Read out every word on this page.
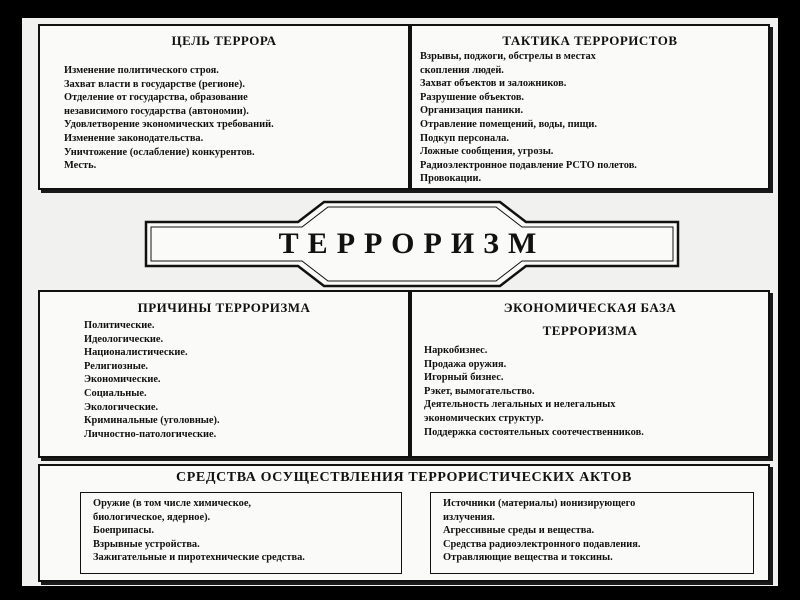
ЦЕЛЬ ТЕРРОРА
Изменение политического строя.
Захват власти в государстве (регионе).
Отделение от государства, образование
независимого государства (автономии).
Удовлетворение экономических требований.
Изменение законодательства.
Уничтожение (ослабление) конкурентов.
Месть.
ТАКТИКА ТЕРРОРИСТОВ
Взрывы, поджоги, обстрелы в местах
скопления людей.
Захват объектов и заложников.
Разрушение объектов.
Организация паники.
Отравление помещений, воды, пищи.
Подкуп персонала.
Ложные сообщения, угрозы.
Радиоэлектронное подавление РСТО полетов.
Провокации.
ТЕРРОРИЗМ
ПРИЧИНЫ ТЕРРОРИЗМА
Политические.
Идеологические.
Националистические.
Религиозные.
Экономические.
Социальные.
Экологические.
Криминальные (уголовные).
Личностно-патологические.
ЭКОНОМИЧЕСКАЯ БАЗА
ТЕРРОРИЗМА
Наркобизнес.
Продажа оружия.
Игорный бизнес.
Рэкет, вымогательство.
Деятельность легальных и нелегальных
экономических структур.
Поддержка состоятельных соотечественников.
СРЕДСТВА ОСУЩЕСТВЛЕНИЯ ТЕРРОРИСТИЧЕСКИХ АКТОВ
Оружие (в том числе химическое,
биологическое, ядерное).
Боеприпасы.
Взрывные устройства.
Зажигательные и пиротехнические средства.
Источники (материалы) ионизирующего
излучения.
Агрессивные среды и вещества.
Средства радиоэлектронного подавления.
Отравляющие вещества и токсины.
